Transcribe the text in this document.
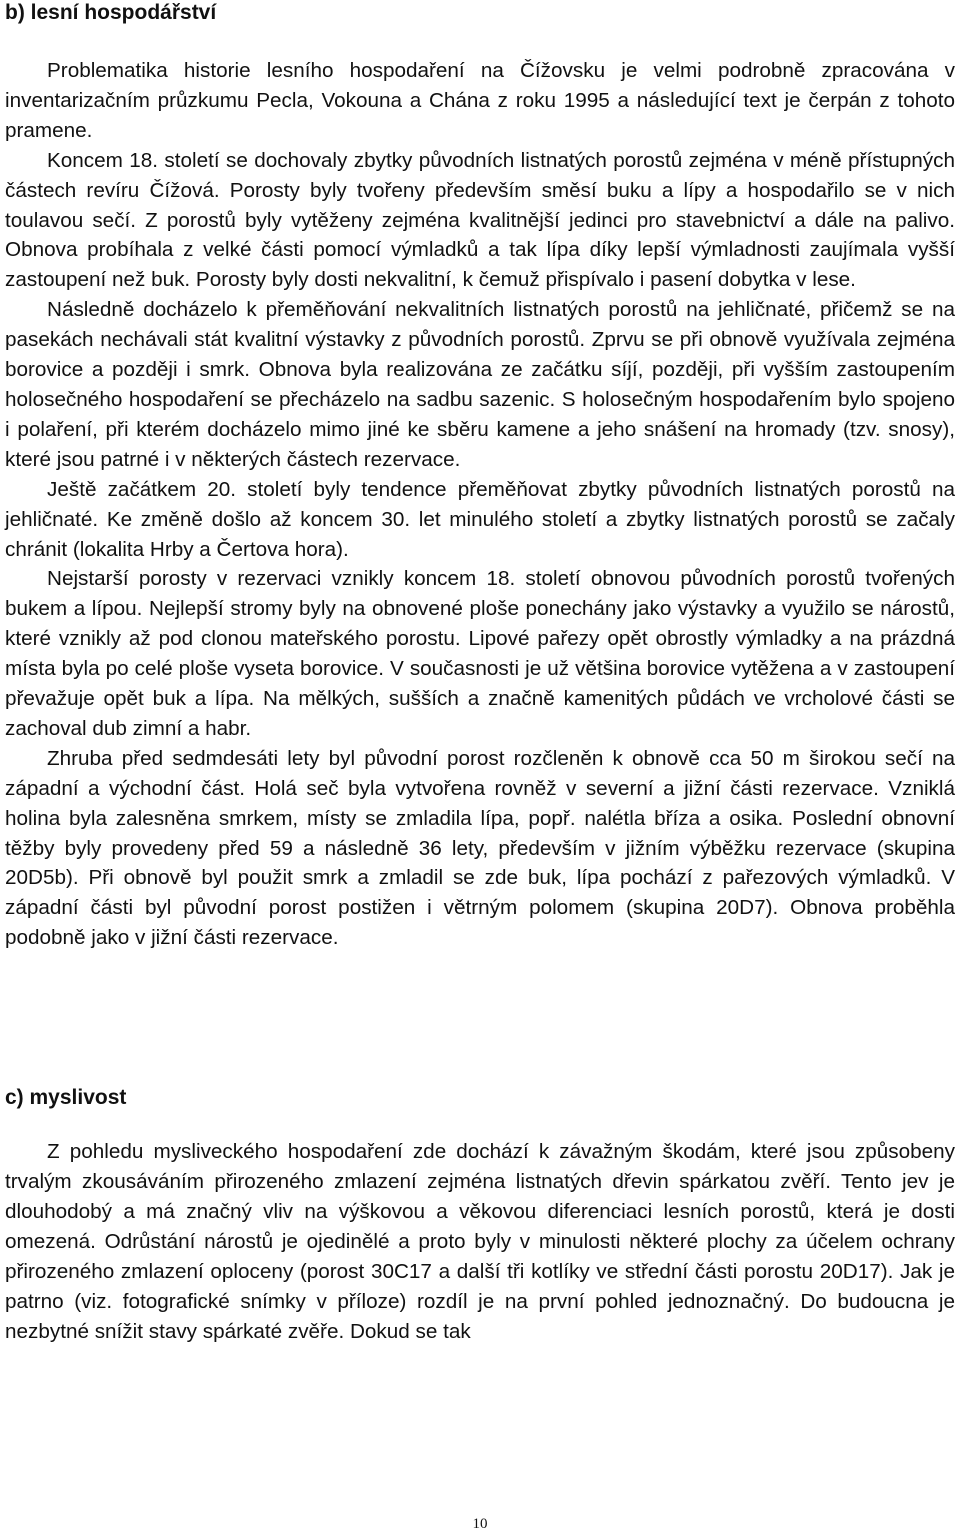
b) lesní hospodářství

Problematika historie lesního hospodaření na Čížovsku je velmi podrobně zpracována v inventarizačním průzkumu Pecla, Vokouna a Chána z roku 1995 a následující text je čerpán z tohoto pramene.

Koncem 18. století se dochovaly zbytky původních listnatých porostů zejména v méně přístupných částech revíru Čížová. Porosty byly tvořeny především směsí buku a lípy a hospodařilo se v nich toulavou sečí. Z porostů byly vytěženy zejména kvalitnější jedinci pro stavebnictví a dále na palivo. Obnova probíhala z velké části pomocí výmladků a tak lípa díky lepší výmladnosti zaujímala vyšší zastoupení než buk. Porosty byly dosti nekvalitní, k čemuž přispívalo i pasení dobytka v lese.

Následně docházelo k přeměňování nekvalitních listnatých porostů na jehličnaté, přičemž se na pasekách nechávali stát kvalitní výstavky z původních porostů. Zprvu se při obnově využívala zejména borovice a později i smrk. Obnova byla realizována ze začátku síjí, později, při vyšším zastoupením holosečného hospodaření se přecházelo na sadbu sazenic. S holosečným hospodařením bylo spojeno i polaření, při kterém docházelo mimo jiné ke sběru kamene a jeho snášení na hromady (tzv. snosy), které jsou patrné i v některých částech rezervace.

Ještě začátkem 20. století byly tendence přeměňovat zbytky původních listnatých porostů na jehličnaté. Ke změně došlo až koncem 30. let minulého století a zbytky listnatých porostů se začaly chránit (lokalita Hrby a Čertova hora).

Nejstarší porosty v rezervaci vznikly koncem 18. století obnovou původních porostů tvořených bukem a lípou. Nejlepší stromy byly na obnovené ploše ponechány jako výstavky a využilo se nárostů, které vznikly až pod clonou mateřského porostu. Lipové pařezy opět obrostly výmladky a na prázdná místa byla po celé ploše vyseta borovice. V současnosti je už většina borovice vytěžena a v zastoupení převažuje opět buk a lípa. Na mělkých, sušších a značně kamenitých půdách ve vrcholové části se zachoval dub zimní a habr.

Zhruba před sedmdesáti lety byl původní porost rozčleněn k obnově cca 50 m širokou sečí na západní a východní část. Holá seč byla vytvořena rovněž v severní a jižní části rezervace. Vzniklá holina byla zalesněna smrkem, místy se zmladila lípa, popř. nalétla bříza a osika. Poslední obnovní těžby byly provedeny před 59 a následně 36 lety, především v jižním výběžku rezervace (skupina 20D5b). Při obnově byl použit smrk a zmladil se zde buk, lípa pochází z pařezových výmladků. V západní části byl původní porost postižen i větrným polomem (skupina 20D7). Obnova proběhla podobně jako v jižní části rezervace.

c) myslivost

Z pohledu mysliveckého hospodaření zde dochází k závažným škodám, které jsou způsobeny trvalým zkousáváním přirozeného zmlazení zejména listnatých dřevin spárkatou zvěří. Tento jev je dlouhodobý a má značný vliv na výškovou a věkovou diferenciaci lesních porostů, která je dosti omezená. Odrůstání nárostů je ojedinělé a proto byly v minulosti některé plochy za účelem ochrany přirozeného zmlazení oploceny (porost 30C17 a další tři kotlíky ve střední části porostu 20D17). Jak je patrno (viz. fotografické snímky v příloze) rozdíl je na první pohled jednoznačný. Do budoucna je nezbytné snížit stavy spárkaté zvěře. Dokud se tak

10
